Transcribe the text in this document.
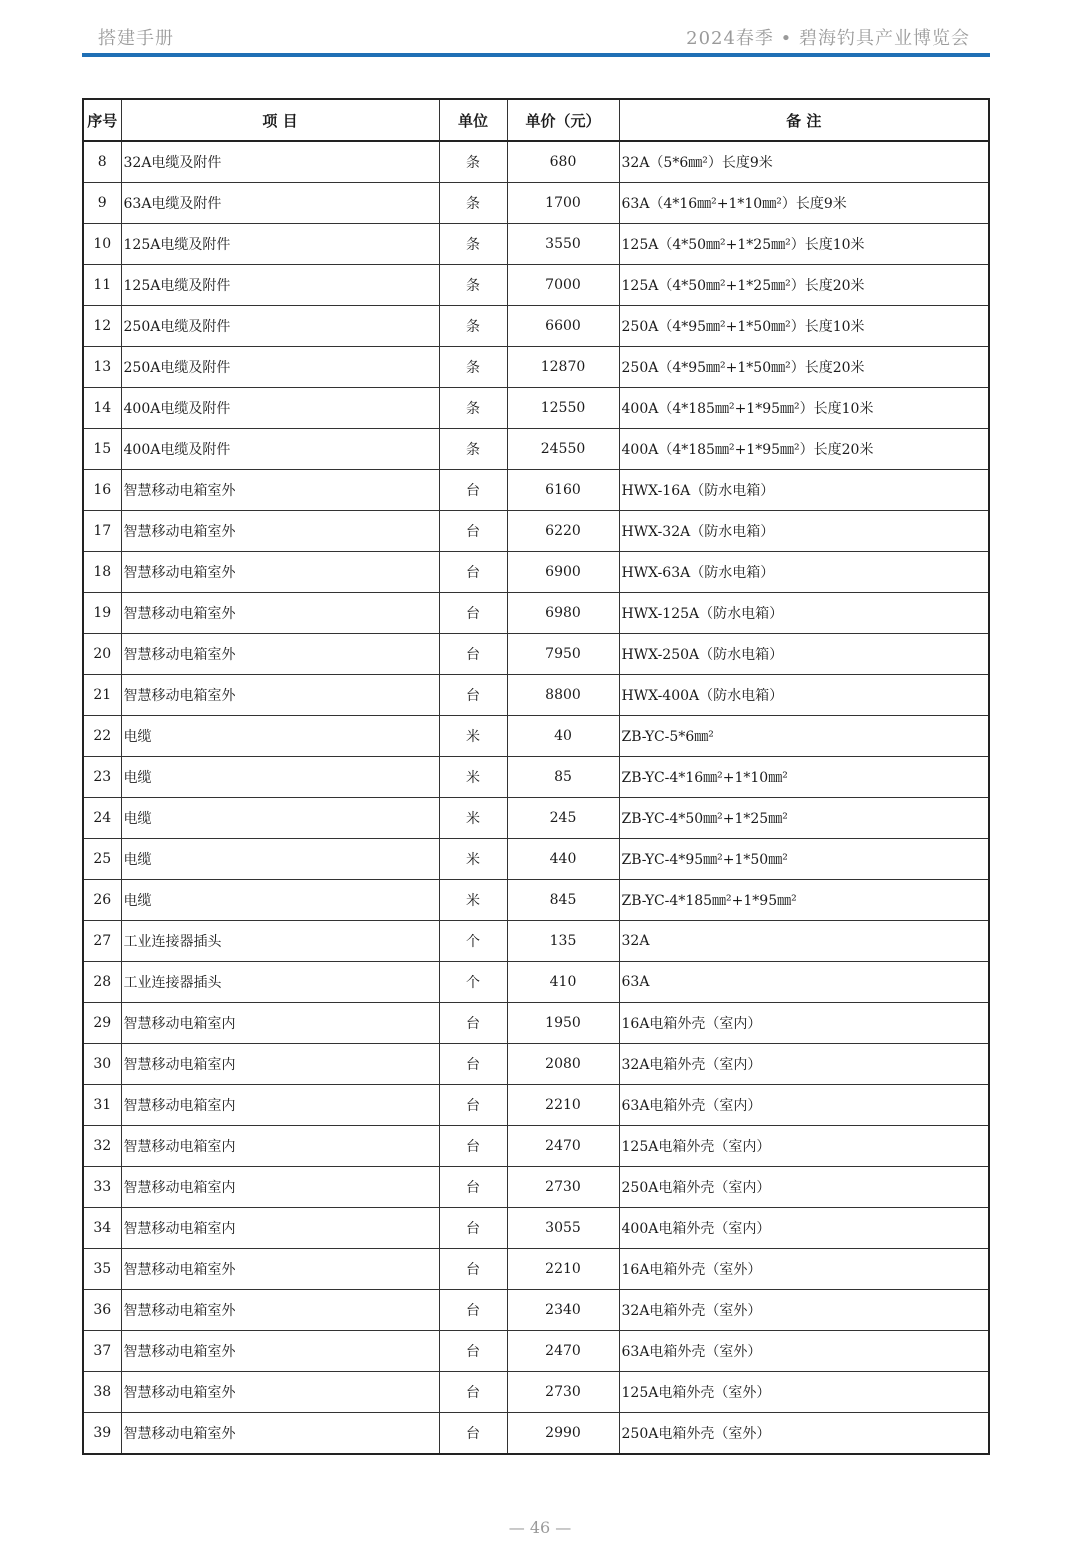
搭建手册	2024春季 • 碧海钓具产业博览会
序号	项 目	单位	单价（元）	备 注
8	32A电缆及附件	条	680	32A（5*6㎜²）长度9米
9	63A电缆及附件	条	1700	63A（4*16㎜²+1*10㎜²）长度9米
10	125A电缆及附件	条	3550	125A（4*50㎜²+1*25㎜²）长度10米
11	125A电缆及附件	条	7000	125A（4*50㎜²+1*25㎜²）长度20米
12	250A电缆及附件	条	6600	250A（4*95㎜²+1*50㎜²）长度10米
13	250A电缆及附件	条	12870	250A（4*95㎜²+1*50㎜²）长度20米
14	400A电缆及附件	条	12550	400A（4*185㎜²+1*95㎜²）长度10米
15	400A电缆及附件	条	24550	400A（4*185㎜²+1*95㎜²）长度20米
16	智慧移动电箱室外	台	6160	HWX-16A（防水电箱）
17	智慧移动电箱室外	台	6220	HWX-32A（防水电箱）
18	智慧移动电箱室外	台	6900	HWX-63A（防水电箱）
19	智慧移动电箱室外	台	6980	HWX-125A（防水电箱）
20	智慧移动电箱室外	台	7950	HWX-250A（防水电箱）
21	智慧移动电箱室外	台	8800	HWX-400A（防水电箱）
22	电缆	米	40	ZB-YC-5*6㎜²
23	电缆	米	85	ZB-YC-4*16㎜²+1*10㎜²
24	电缆	米	245	ZB-YC-4*50㎜²+1*25㎜²
25	电缆	米	440	ZB-YC-4*95㎜²+1*50㎜²
26	电缆	米	845	ZB-YC-4*185㎜²+1*95㎜²
27	工业连接器插头	个	135	32A
28	工业连接器插头	个	410	63A
29	智慧移动电箱室内	台	1950	16A电箱外壳（室内）
30	智慧移动电箱室内	台	2080	32A电箱外壳（室内）
31	智慧移动电箱室内	台	2210	63A电箱外壳（室内）
32	智慧移动电箱室内	台	2470	125A电箱外壳（室内）
33	智慧移动电箱室内	台	2730	250A电箱外壳（室内）
34	智慧移动电箱室内	台	3055	400A电箱外壳（室内）
35	智慧移动电箱室外	台	2210	16A电箱外壳（室外）
36	智慧移动电箱室外	台	2340	32A电箱外壳（室外）
37	智慧移动电箱室外	台	2470	63A电箱外壳（室外）
38	智慧移动电箱室外	台	2730	125A电箱外壳（室外）
39	智慧移动电箱室外	台	2990	250A电箱外壳（室外）
— 46 —
